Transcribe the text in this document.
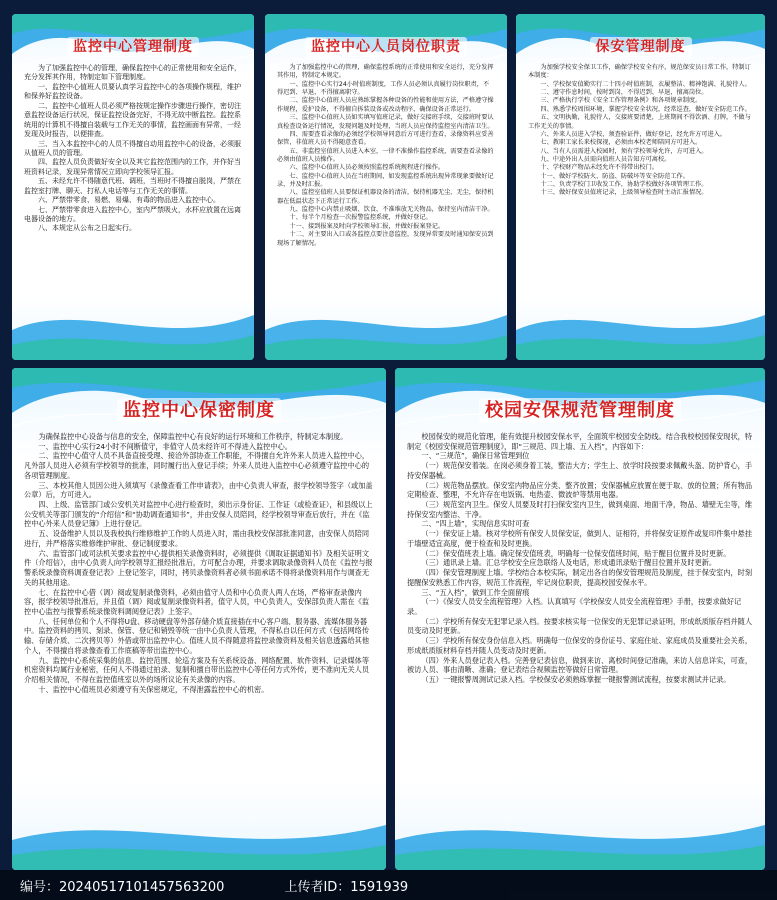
监控中心管理制度

为了加强监控中心的管理，确保监控中心的正常使用和安全运作，充分发挥其作用，特制定如下管理制度。

一、监控中心值班人员要认真学习监控中心的各项操作规程，维护和保养好监控设备。

二、监控中心值班人员必须严格按规定操作步骤进行操作，密切注意监控设备运行状况，保证监控设备完好，不得无故中断监控。监控系统用的计算机不得擅自装载与工作无关的事情，监控画面有异常，一经发现及时报告，以便排查。

三、当入本监控中心的人员不得擅自动用监控中心的设备，必须服从值班人员的管理。

四、监控人员负责做好安全以及其它监控范围内的工作，并作好当班资料记录，发现异常情况立即向学校领导汇报。

五、未经允许不得随意代班、调班，当班时不得擅自脱岗，严禁在监控室打牌、聊天、打私人电话等与工作无关的事情。

六、严禁带零食、易燃、易爆、有毒的物品进入监控中心。

七、严禁带零食进入监控中心，室内严禁吸火，水杯应放置在远离电器设备的地方。

八、本规定从公布之日起实行。

监控中心人员岗位职责

为了加强监控中心的管理，确保监控系统的正常使用和安全运行，充分发挥其作用，特制定本规定。

一、监控中心实行24小时值班制度，工作人员必须认真履行岗位职责，不得迟到、早退，不得擅离职守。

二、监控中心值班人员应熟练掌握各种设备的性能和使用方法，严格遵守操作规程，爱护设备，不得擅自拆装设备或改动程序，确保设备正常运行。

三、监控中心值班人员如实填写值班记录，做好交接班手续，交接班时要认真检查设备运行情况，发现问题及时处理，当班人员应保持监控室内清洁卫生。

四、需要查看录像的必须经学校领导同意后方可进行查看，录像资料应妥善保管，非值班人员不得随意查看。

五、非监控室值班人员进入本室，一律不准操作监控系统，需要查看录像的必须由值班人员操作。

六、监控中心值班人员必须按照监控系统规程进行操作。

七、监控中心值班人员在当班期间，如发现监控系统出现异常现象要做好记录，并及时汇报。

八、监控室值班人员要保证机器设备的清洁，保持机器无尘、无尘，保持机器在低温状态下正常运行工作。

九、监控中心内禁止吸烟、饮食，不准堆放无关物品，保持室内清洁干净。

十、每半个月检查一次报警监控系统，并做好登记。

十一、接到报案及时向学校领导汇报，并做好报案登记。

十二、对主要出入口或各监控点要注意监控，发现异常要及时通知保安员到现场了解情况。

保安管理制度

为加强学校安全保卫工作，确保学校安全有序，规范保安员日常工作，特制订本制度：

一、学校保安值勤实行二十四小时值班制，衣履整洁、精神饱满、礼貌待人。

二、遵守作息时间，按时到岗，不得迟到、早退，擅离岗位。

三、严格执行学校《安全工作管理条例》和各项规章制度。

四、熟悉学校周围环境，掌握学校安全状况，经常巡查，做好安全防范工作。

五、文明执勤，礼貌待人，交接班要清楚，上班期间不得饮酒、打牌，不做与工作无关的事情。

六、外来人员进入学校，须查验证件，做好登记，经允许方可进入。

七、教职工家长来校探视，必须由本校老师陪同方可进入。

八、当有人员需进入校园时，须有学校领导允许，方可进入。

九、中途外出人员需向值班人员告知方可离校。

十、学校财产物品未经允许不得带出校门。

十一、做好学校防火、防盗、防破坏等安全防范工作。

十二、负责学校门卫收发工作，协助学校做好各项管理工作。

十三、做好保安员值班记录，上级领导检查时主动汇报情况。

监控中心保密制度

为确保监控中心设备与信息的安全，保障监控中心有良好的运行环境和工作秩序，特制定本制度。

一、监控中心实行24小时不间断值守，非值守人员未经许可不得进入监控中心。

二、监控中心值守人员不具备直接受理、接洽外部协查工作职能，不得擅自允许外来人员进入监控中心，凡外部人员进入必须有学校领导的批准，同时履行出入登记手续；外来人员进入监控中心必须遵守监控中心的各项管理制度。

三、本校其他人员因公进入须填写《录像查看工作申请表》，由中心负责人审查，报学校领导签字（或加盖公章）后，方可进入。

四、上级、监管部门或公安机关对监控中心进行检查时，须出示身份证、工作证（或检查证），和县级以上公安机关等部门颁发的“介绍信”和“协助调查通知书”，并由安保人员陪同，经学校领导审查后放行，并在《监控中心外来人员登记簿》上进行登记。

五、设备维护人员以及我校执行维修维护工作的人员进入时，需由我校安保部批准同意，由安保人员陪同进行，并严格落实维修维护审批、登记制度要求。

六、监管部门或司法机关要求监控中心提供相关录像资料时，必须提供《调取证据通知书》及相关证明文件（介绍信），由中心负责人向学校领导汇报经批准后，方可配合办理，并要求调取录像资料人员在《监控与报警系统录像资料调查登记表》上登记签字，同时，拷贝录像资料者必须书面承诺不得将录像资料用作与调查无关的其他用途。

七、在监控中心借（调）阅或复制录像资料，必须由值守人员和中心负责人两人在场，严格审查录像内容，报学校领导批准后，并且值（调）阅或复制录像资料者，值守人员，中心负责人，安保部负责人需在《监控中心监控与报警系统录像资料调阅登记表》上签字。

八、任何单位和个人不得将U盘、移动硬盘等外部存储介质直接插在中心客户端、服务器、流媒体服务器中。监控资料的拷贝、刻录、保管、登记和销毁等统一由中心负责人管理，不得私自以任何方式（包括网络传输、存储介质、二次拷贝等）外借或带出监控中心。值班人员不得随意将监控录像资料及相关信息透露给其他个人，不得擅自将录像查看工作底稿等带出监控中心。

九、监控中心系统采集的信息、监控范围、轮巡方案及有关系统设备、网络配置、软件资料、记录媒体等机密资料均属行业秘密，任何人不得通过拍录、复制和擅自带出监控中心等任何方式外传，更不准向无关人员介绍相关情况，不得在监控值班室以外的场所议论有关录像的内容。

十、监控中心值班员必须遵守有关保密规定，不得泄露监控中心的机密。

校园安保规范管理制度

校园保安的规范化管理，能有效提升校园安保水平，全面筑牢校园安全防线。结合我校校园保安现状，特制定《校园安保规范管理制度》，即“三规范、四上墙、五入档”，内容如下：

一、“三规范”，确保日常管理到位

（一）规范保安着装。在岗必须身着工装，整洁大方；学生上、放学时段按要求佩戴头盔、防护背心，手持安保器械。

（二）规范物品摆放。保安室内物品应分类、整齐放置；安保器械应放置在便于取、放的位置；所有物品定期检查、整理，不允许存在电饭锅、电热壶、微波炉等禁用电器。

（三）规范室内卫生。保安人员要及时打扫保安室内卫生，做到桌面、地面干净，物品、墙壁无尘等，维持保安室内整洁、干净。

二、“四上墙”，实现信息实时可查

（一）保安证上墙。核对学校所有保安人员保安证，做到人、证相符，并将保安证原件或复印件集中悬挂于墙壁适宜高度，便于检查和及时更换。

（二）保安值班表上墙。确定保安值班表，明确每一位保安值班时间，贴于醒目位置并及时更新。

（三）通讯录上墙。汇总学校安全应急联络人及电话，形成通讯录贴于醒目位置并及时更新。

（四）保安管理制度上墙。学校结合本校实际，制定出各自的保安管理规范及制度，挂于保安室内，时刻提醒保安熟悉工作内容，规范工作流程，牢记岗位职责，提高校园安保水平。

三、“五入档”，做到工作全面留痕

（一）《保安人员安全流程管理》入档。认真填写《学校保安人员安全流程管理》手册，按要求做好记录。

（二）学校所有保安无犯罪记录入档。按要求核实每一位保安的无犯罪记录证明，形成纸质版存档并随人员变动及时更新。

（三）学校所有保安身份信息入档。明确每一位保安的身份证号、家庭住址、家庭成员及重要社会关系，形成纸质版材料存档并随人员变动及时更新。

（四）外来人员登记表入档。完善登记表信息，做到来访、离校时间登记准确，来访人信息详实，可查，被访人员、事由清晰、准确；登记表结合视频监控等做好日常管理。

（五）一键报警周测试记录入档。学校保安必须熟练掌握一键报警测试流程，按要求测试并记录。

编号：20240517101457563200	上传者ID：1591939
